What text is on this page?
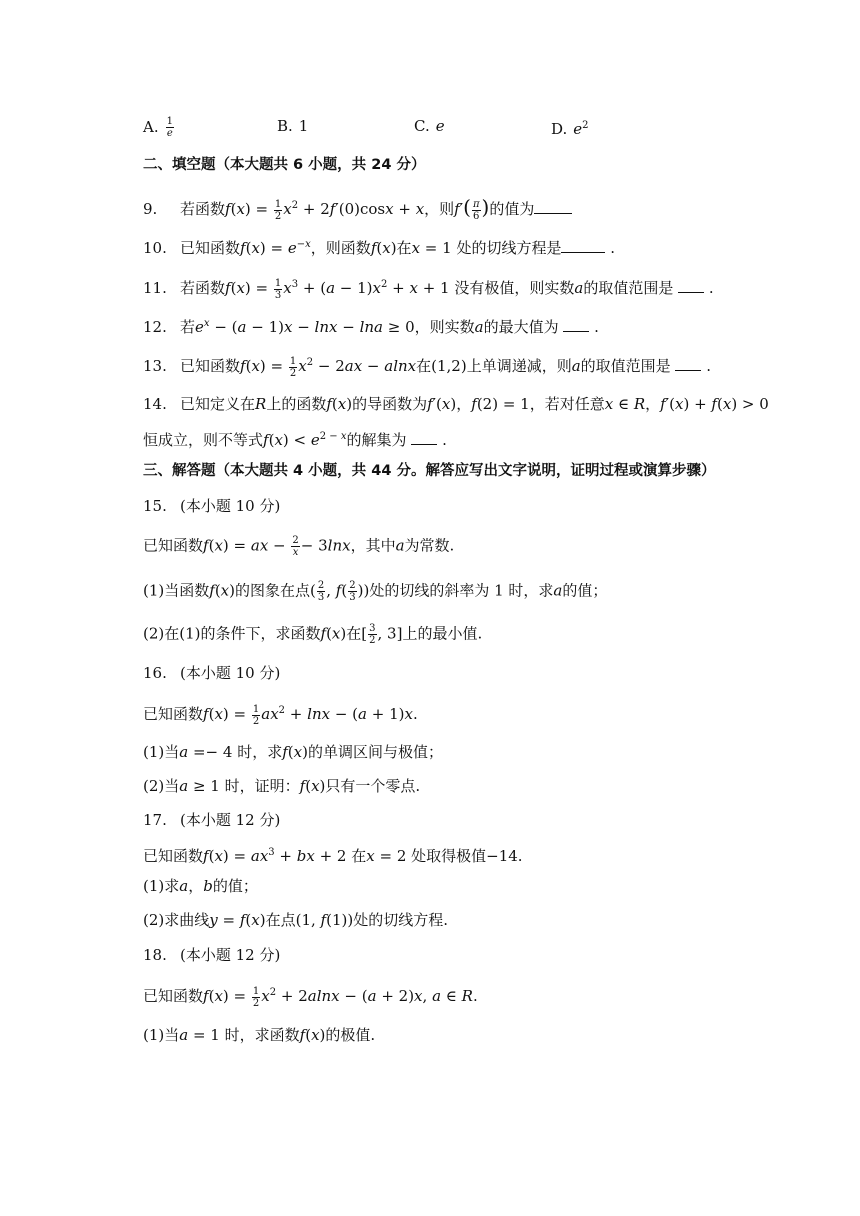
A. $\frac{1}{e}$	B. 1	C. e	D. $e^2$
二、填空题（本大题共 6 小题，共 24 分）
9. 若函数$f(x) = \frac{1}{2} x^2 + 2f'(0)\cos x + x$，则$f'( \frac{\pi}{6}$ )的值为
10. 已知函数$f(x) = e^{-x}$，则函数f(x)在x = 1 处的切线方程是	.
11. 若函数$f(x) = \frac{1}{3} x^3 + (a - 1)x^2 + x + 1$ 没有极值，则实数a的取值范围是  .
12. 若$e^x - (a - 1)x - \ln x - \ln a \ge 0$，则实数a的最大值为  .
13. 已知函数$f(x) = \frac{1}{2} x^2 - 2ax - alnx$在(1,2)上单调递减，则a的取值范围是  .
14. 已知定义在R上的函数f(x)的导函数为f′(x)，f(2) = 1，若对任意x ∈ R，f′(x) + f(x) > 0
恒成立，则不等式$f(x) < e^{2 - x}$的解集为  .
三、解答题（本大题共 4 小题，共 44 分。解答应写出文字说明，证明过程或演算步骤）
15. (本小题 10 分)
已知函数f(x) = ax − $\frac{2}{x} - 3\ln x$，其中a为常数.
(1)当函数f(x)的图象在点( $\frac{2}{3}$ , $f( \frac{2}{3}$ ))处的切线的斜率为 1 时，求a的值；
(2)在(1)的条件下，求函数f(x)在[ $\frac{3}{2}$ , 3]上的最小值.
16. (本小题 10 分)
已知函数$f(x) = \frac{1}{2} ax^2 + \ln x - (a + 1)x$.
(1)当a =− 4 时，求f(x)的单调区间与极值；
(2)当a ≥ 1 时，证明：f(x)只有一个零点.
17. (本小题 12 分)
已知函数$f(x) = ax^3$ + bx + 2 在x = 2 处取得极值−14.
(1)求a，b的值；
(2)求曲线y = f(x)在点(1, f(1))处的切线方程.
18. (本小题 12 分)
已知函数$f(x) = \frac{1}{2} x^2 + 2alnx - (a + 2)x$, a ∈ R.
(1)当a = 1 时，求函数f(x)的极值.
